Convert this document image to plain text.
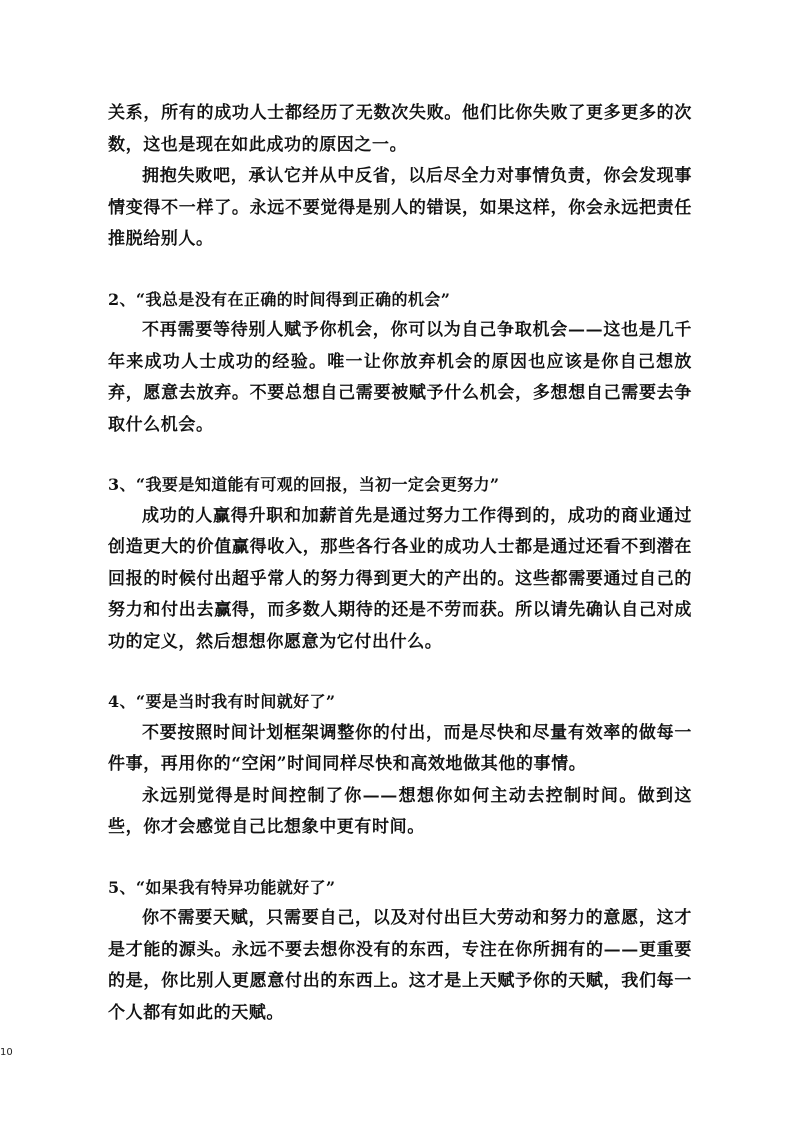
关系，所有的成功人士都经历了无数次失败。他们比你失败了更多更多的次数，这也是现在如此成功的原因之一。

拥抱失败吧，承认它并从中反省，以后尽全力对事情负责，你会发现事情变得不一样了。永远不要觉得是别人的错误，如果这样，你会永远把责任推脱给别人。

2、“我总是没有在正确的时间得到正确的机会”

不再需要等待别人赋予你机会，你可以为自己争取机会——这也是几千年来成功人士成功的经验。唯一让你放弃机会的原因也应该是你自己想放弃，愿意去放弃。不要总想自己需要被赋予什么机会，多想想自己需要去争取什么机会。

3、“我要是知道能有可观的回报，当初一定会更努力”

成功的人赢得升职和加薪首先是通过努力工作得到的，成功的商业通过创造更大的价值赢得收入，那些各行各业的成功人士都是通过还看不到潜在回报的时候付出超乎常人的努力得到更大的产出的。这些都需要通过自己的努力和付出去赢得，而多数人期待的还是不劳而获。所以请先确认自己对成功的定义，然后想想你愿意为它付出什么。

4、“要是当时我有时间就好了”

不要按照时间计划框架调整你的付出，而是尽快和尽量有效率的做每一件事，再用你的“空闲”时间同样尽快和高效地做其他的事情。

永远别觉得是时间控制了你——想想你如何主动去控制时间。做到这些，你才会感觉自己比想象中更有时间。

5、“如果我有特异功能就好了”

你不需要天赋，只需要自己，以及对付出巨大劳动和努力的意愿，这才是才能的源头。永远不要去想你没有的东西，专注在你所拥有的——更重要的是，你比别人更愿意付出的东西上。这才是上天赋予你的天赋，我们每一个人都有如此的天赋。

10
